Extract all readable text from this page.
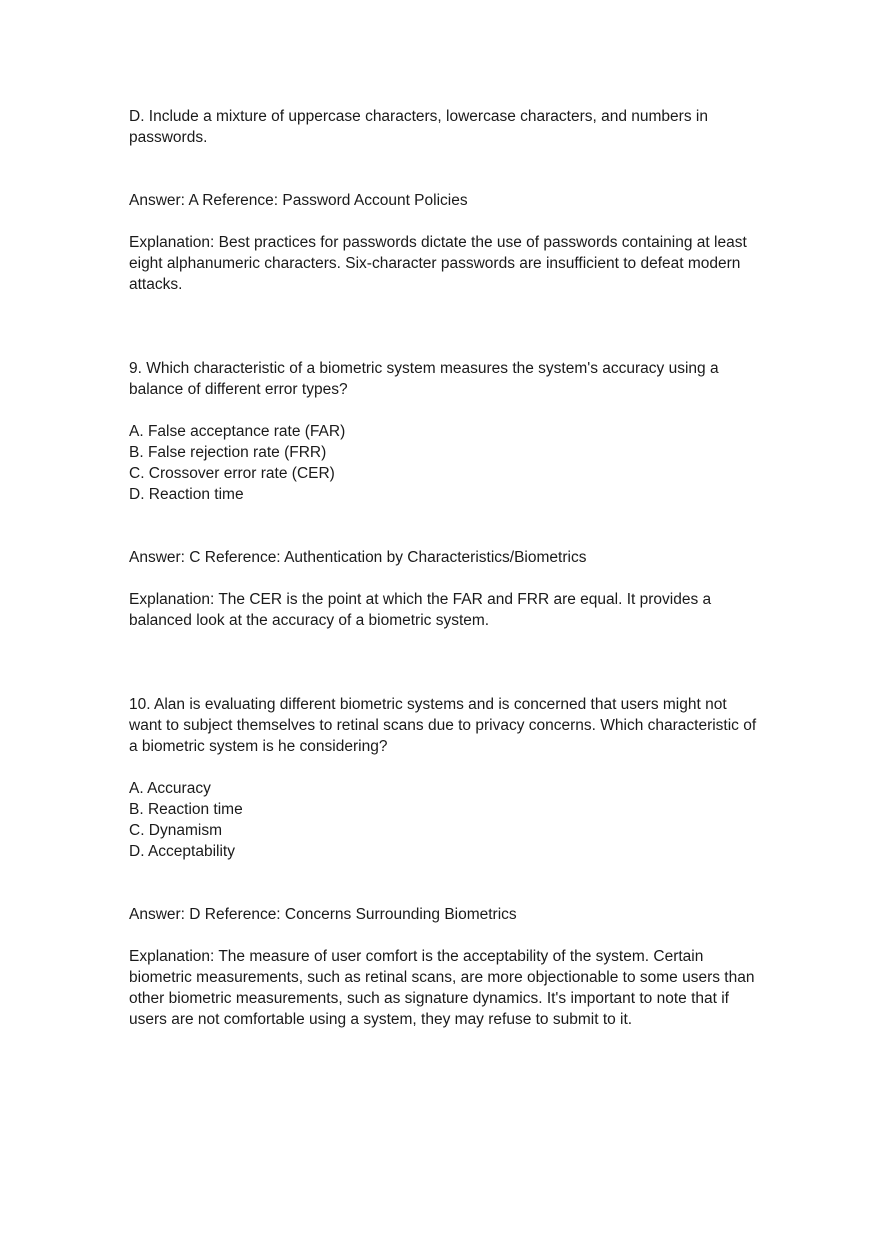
D. Include a mixture of uppercase characters, lowercase characters, and numbers in passwords.

Answer: A Reference: Password Account Policies

Explanation: Best practices for passwords dictate the use of passwords containing at least eight alphanumeric characters. Six-character passwords are insufficient to defeat modern attacks.

9. Which characteristic of a biometric system measures the system's accuracy using a balance of different error types?

A. False acceptance rate (FAR)
B. False rejection rate (FRR)
C. Crossover error rate (CER)
D. Reaction time

Answer: C Reference: Authentication by Characteristics/Biometrics

Explanation: The CER is the point at which the FAR and FRR are equal. It provides a balanced look at the accuracy of a biometric system.

10. Alan is evaluating different biometric systems and is concerned that users might not want to subject themselves to retinal scans due to privacy concerns. Which characteristic of a biometric system is he considering?

A. Accuracy
B. Reaction time
C. Dynamism
D. Acceptability

Answer: D Reference: Concerns Surrounding Biometrics

Explanation: The measure of user comfort is the acceptability of the system. Certain biometric measurements, such as retinal scans, are more objectionable to some users than other biometric measurements, such as signature dynamics. It's important to note that if users are not comfortable using a system, they may refuse to submit to it.
